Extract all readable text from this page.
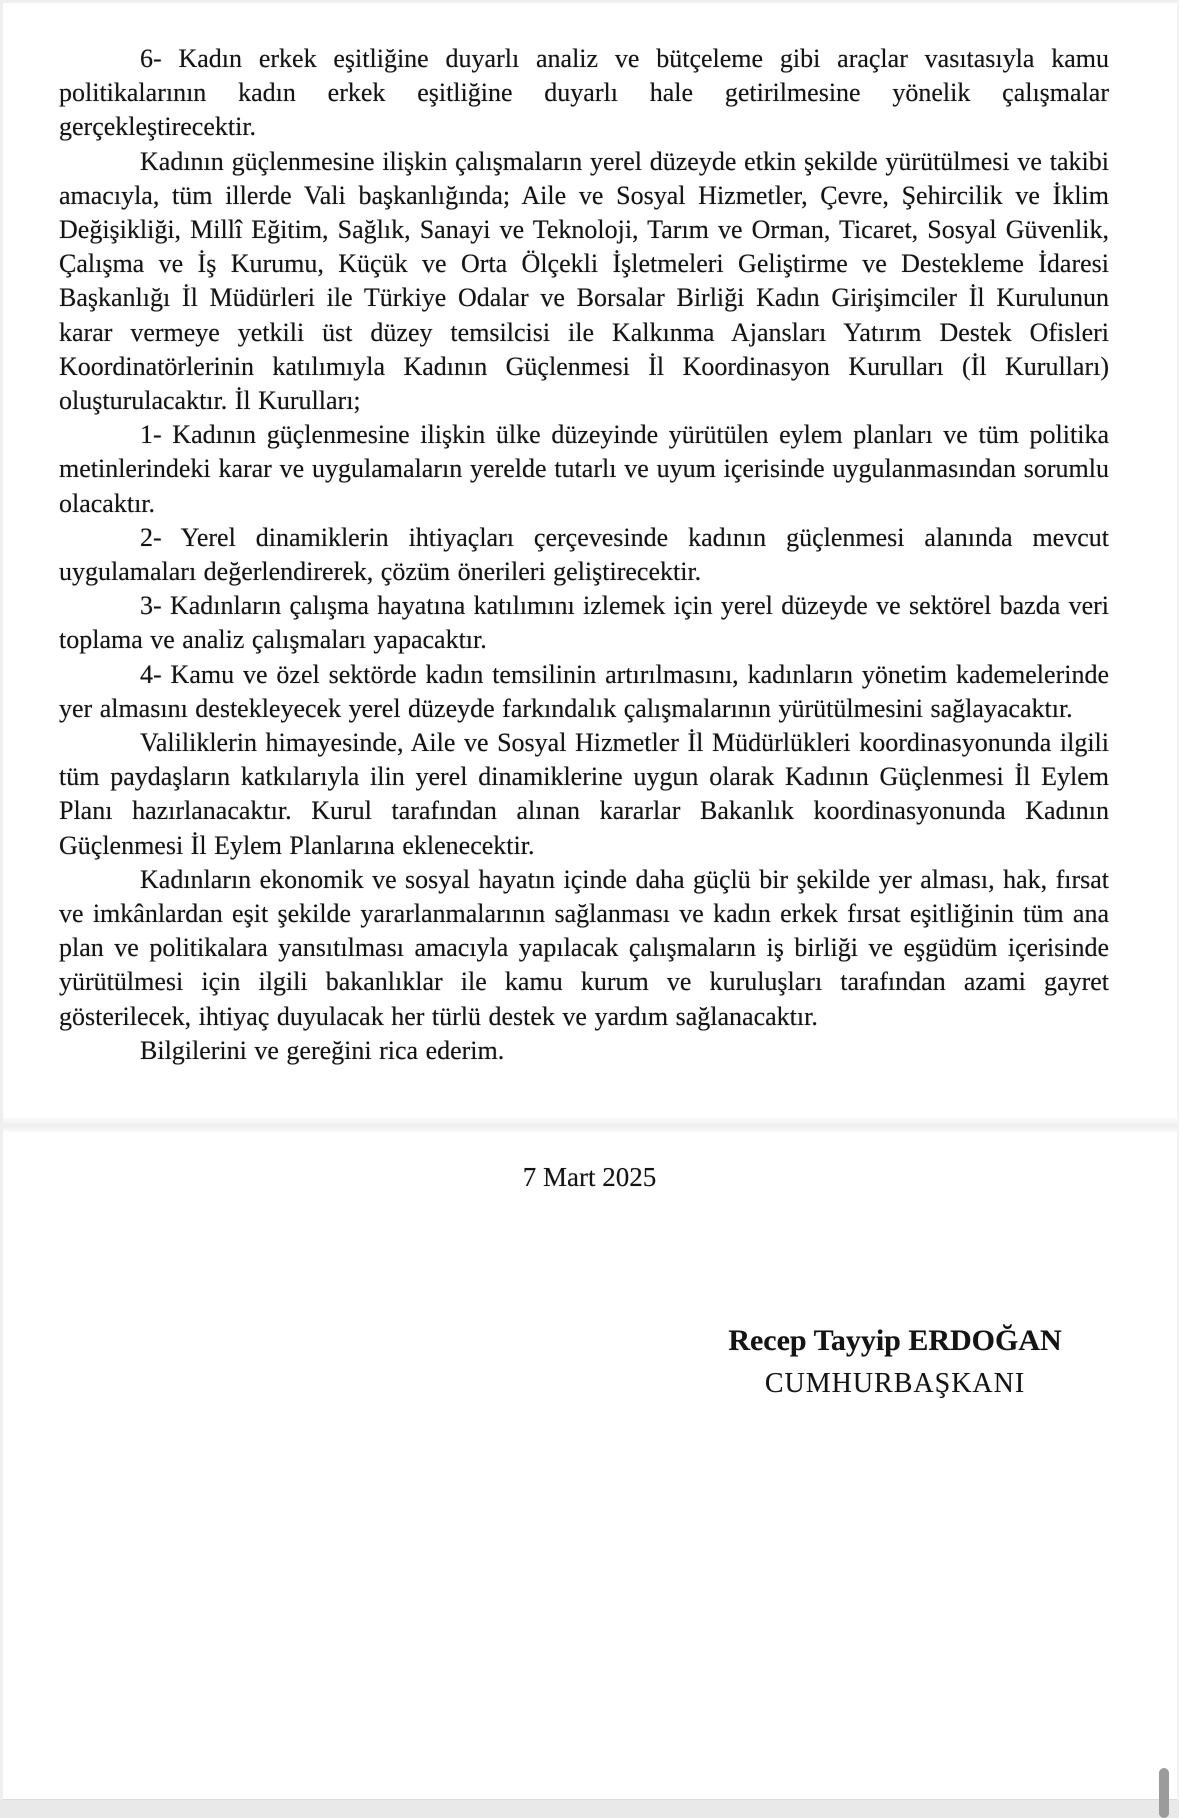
6- Kadın erkek eşitliğine duyarlı analiz ve bütçeleme gibi araçlar vasıtasıyla kamu politikalarının kadın erkek eşitliğine duyarlı hale getirilmesine yönelik çalışmalar gerçekleştirecektir.

Kadının güçlenmesine ilişkin çalışmaların yerel düzeyde etkin şekilde yürütülmesi ve takibi amacıyla, tüm illerde Vali başkanlığında; Aile ve Sosyal Hizmetler, Çevre, Şehircilik ve İklim Değişikliği, Millî Eğitim, Sağlık, Sanayi ve Teknoloji, Tarım ve Orman, Ticaret, Sosyal Güvenlik, Çalışma ve İş Kurumu, Küçük ve Orta Ölçekli İşletmeleri Geliştirme ve Destekleme İdaresi Başkanlığı İl Müdürleri ile Türkiye Odalar ve Borsalar Birliği Kadın Girişimciler İl Kurulunun karar vermeye yetkili üst düzey temsilcisi ile Kalkınma Ajansları Yatırım Destek Ofisleri Koordinatörlerinin katılımıyla Kadının Güçlenmesi İl Koordinasyon Kurulları (İl Kurulları) oluşturulacaktır. İl Kurulları;

1- Kadının güçlenmesine ilişkin ülke düzeyinde yürütülen eylem planları ve tüm politika metinlerindeki karar ve uygulamaların yerelde tutarlı ve uyum içerisinde uygulanmasından sorumlu olacaktır.

2- Yerel dinamiklerin ihtiyaçları çerçevesinde kadının güçlenmesi alanında mevcut uygulamaları değerlendirerek, çözüm önerileri geliştirecektir.

3- Kadınların çalışma hayatına katılımını izlemek için yerel düzeyde ve sektörel bazda veri toplama ve analiz çalışmaları yapacaktır.

4- Kamu ve özel sektörde kadın temsilinin artırılmasını, kadınların yönetim kademelerinde yer almasını destekleyecek yerel düzeyde farkındalık çalışmalarının yürütülmesini sağlayacaktır.

Valiliklerin himayesinde, Aile ve Sosyal Hizmetler İl Müdürlükleri koordinasyonunda ilgili tüm paydaşların katkılarıyla ilin yerel dinamiklerine uygun olarak Kadının Güçlenmesi İl Eylem Planı hazırlanacaktır. Kurul tarafından alınan kararlar Bakanlık koordinasyonunda Kadının Güçlenmesi İl Eylem Planlarına eklenecektir.

Kadınların ekonomik ve sosyal hayatın içinde daha güçlü bir şekilde yer alması, hak, fırsat ve imkânlardan eşit şekilde yararlanmalarının sağlanması ve kadın erkek fırsat eşitliğinin tüm ana plan ve politikalara yansıtılması amacıyla yapılacak çalışmaların iş birliği ve eşgüdüm içerisinde yürütülmesi için ilgili bakanlıklar ile kamu kurum ve kuruluşları tarafından azami gayret gösterilecek, ihtiyaç duyulacak her türlü destek ve yardım sağlanacaktır.

Bilgilerini ve gereğini rica ederim.

7 Mart 2025
Recep Tayyip ERDOĞAN
CUMHURBAŞKANI
